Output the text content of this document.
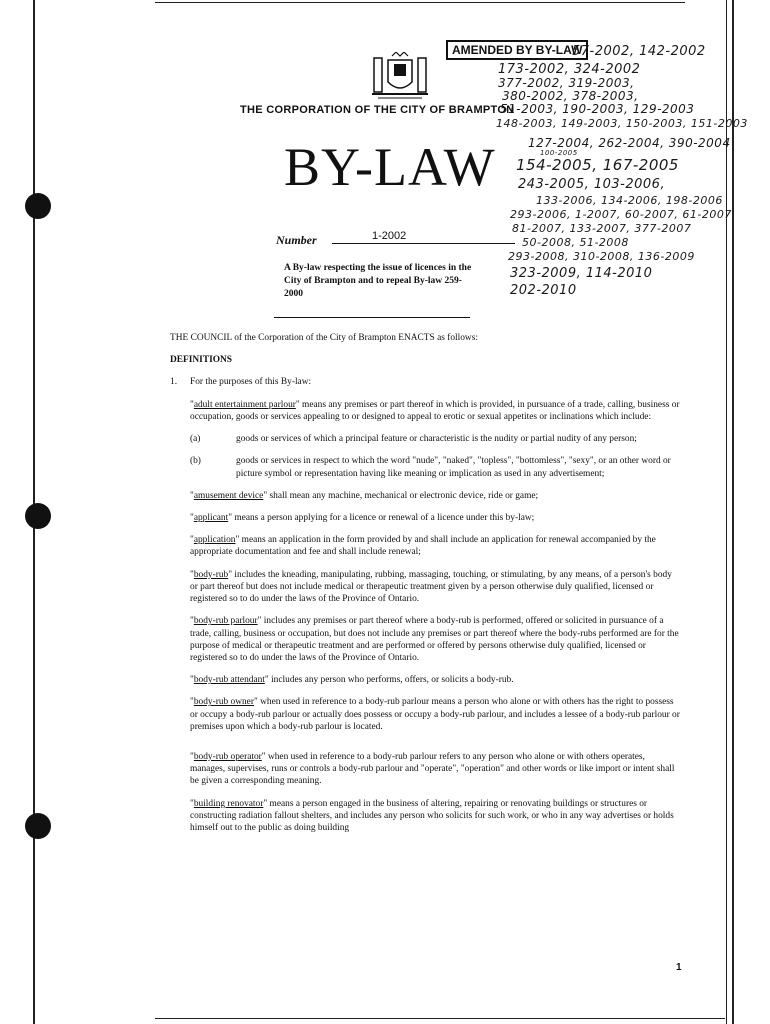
AMENDED BY BY-LAW
57-2002, 142-2002
173-2002, 324-2002
377-2002, 319-2003,
380-2002, 378-2003,
51-2003, 190-2003, 129-2003
148-2003, 149-2003, 150-2003, 151-2003
127-2004, 262-2004, 390-2004
100-2005
154-2005, 167-2005
243-2005, 103-2006,
133-2006, 134-2006, 198-2006
293-2006, 1-2007, 60-2007, 61-2007
81-2007, 133-2007, 377-2007
50-2008, 51-2008
293-2008, 310-2008, 136-2009
323-2009, 114-2010
202-2010
THE CORPORATION OF THE CITY OF BRAMPTON
BY-LAW
Number	1-2002
A By-law respecting the issue of licences in the City of Brampton and to repeal By-law 259-2000

THE COUNCIL of the Corporation of the City of Brampton ENACTS as follows:

DEFINITIONS

1.	For the purposes of this By-law:
"adult entertainment parlour" means any premises or part thereof in which is provided, in pursuance of a trade, calling, business or occupation, goods or services appealing to or designed to appeal to erotic or sexual appetites or inclinations which include:
(a)	goods or services of which a principal feature or characteristic is the nudity or partial nudity of any person;
(b)	goods or services in respect to which the word "nude", "naked", "topless", "bottomless", "sexy", or an other word or picture symbol or representation having like meaning or implication as used in any advertisement;
"amusement device" shall mean any machine, mechanical or electronic device, ride or game;
"applicant" means a person applying for a licence or renewal of a licence under this by-law;
"application" means an application in the form provided by and shall include an application for renewal accompanied by the appropriate documentation and fee and shall include renewal;
"body-rub" includes the kneading, manipulating, rubbing, massaging, touching, or stimulating, by any means, of a person's body or part thereof but does not include medical or therapeutic treatment given by a person otherwise duly qualified, licensed or registered so to do under the laws of the Province of Ontario.
"body-rub parlour" includes any premises or part thereof where a body-rub is performed, offered or solicited in pursuance of a trade, calling, business or occupation, but does not include any premises or part thereof where the body-rubs performed are for the purpose of medical or therapeutic treatment and are performed or offered by persons otherwise duly qualified, licensed or registered so to do under the laws of the Province of Ontario.
"body-rub attendant" includes any person who performs, offers, or solicits a body-rub.
"body-rub owner" when used in reference to a body-rub parlour means a person who alone or with others has the right to possess or occupy a body-rub parlour or actually does possess or occupy a body-rub parlour, and includes a lessee of a body-rub parlour or premises upon which a body-rub parlour is located.
"body-rub operator" when used in reference to a body-rub parlour refers to any person who alone or with others operates, manages, supervises, runs or controls a body-rub parlour and "operate", "operation" and other words or like import or intent shall be given a corresponding meaning.
"building renovator" means a person engaged in the business of altering, repairing or renovating buildings or structures or constructing radiation fallout shelters, and includes any person who solicits for such work, or who in any way advertises or holds himself out to the public as doing building
1
